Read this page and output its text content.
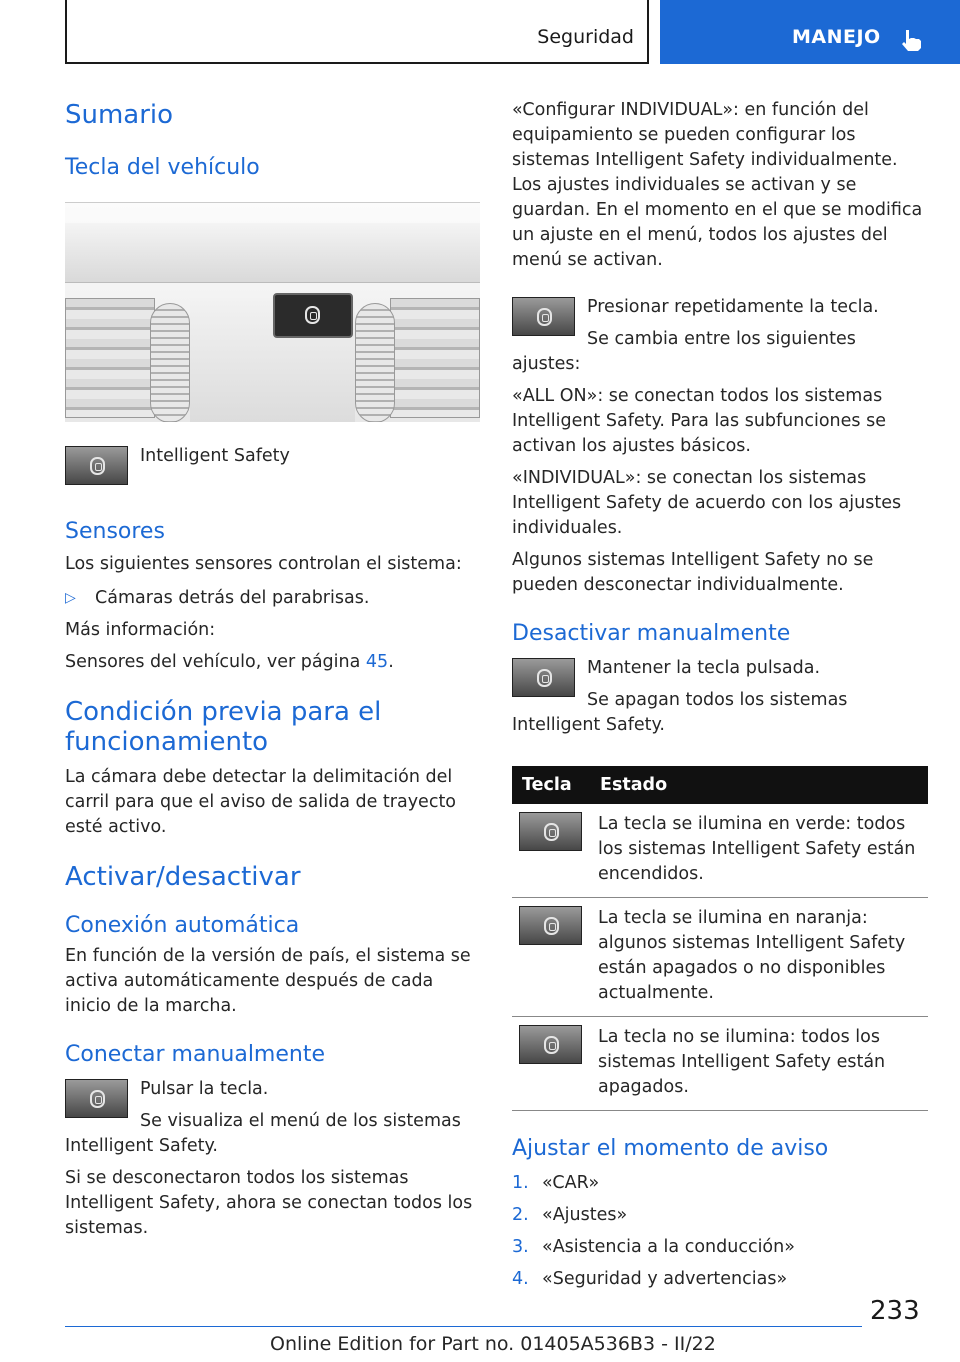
Seguridad	MANEJO
Sumario
Tecla del vehículo

Intelligent Safety

Sensores

Los siguientes sensores controlan el sistema:

▷ Cámaras detrás del parabrisas.

Más información:

Sensores del vehículo, ver página 45.

Condición previa para el funcionamiento

La cámara debe detectar la delimitación del carril para que el aviso de salida de trayecto esté activo.

Activar/desactivar
Conexión automática

En función de la versión de país, el sistema se activa automáticamente después de cada inicio de la marcha.

Conectar manualmente

Pulsar la tecla.

Se visualiza el menú de los sistemas Intelligent Safety.

Si se desconectaron todos los sistemas Intelligent Safety, ahora se conectan todos los sistemas.

«Configurar INDIVIDUAL»: en función del equipamiento se pueden configurar los sistemas Intelligent Safety individualmente. Los ajustes individuales se activan y se guardan. En el momento en el que se modifica un ajuste en el menú, todos los ajustes del menú se activan.

Presionar repetidamente la tecla.

Se cambia entre los siguientes ajustes:

«ALL ON»: se conectan todos los sistemas Intelligent Safety. Para las subfunciones se activan los ajustes básicos.

«INDIVIDUAL»: se conectan los sistemas Intelligent Safety de acuerdo con los ajustes individuales.

Algunos sistemas Intelligent Safety no se pueden desconectar individualmente.

Desactivar manualmente

Mantener la tecla pulsada.

Se apagan todos los sistemas Intelligent Safety.

Tecla	Estado

	La tecla se ilumina en verde: todos los sistemas Intelligent Safety están encendidos.

	La tecla se ilumina en naranja: algunos sistemas Intelligent Safety están apagados o no disponibles actualmente.

	La tecla no se ilumina: todos los sistemas Intelligent Safety están apagados.
Ajustar el momento de aviso
1. «CAR»
2. «Ajustes»
3. «Asistencia a la conducción»
4. «Seguridad y advertencias»
233
Online Edition for Part no. 01405A536B3 - II/22
